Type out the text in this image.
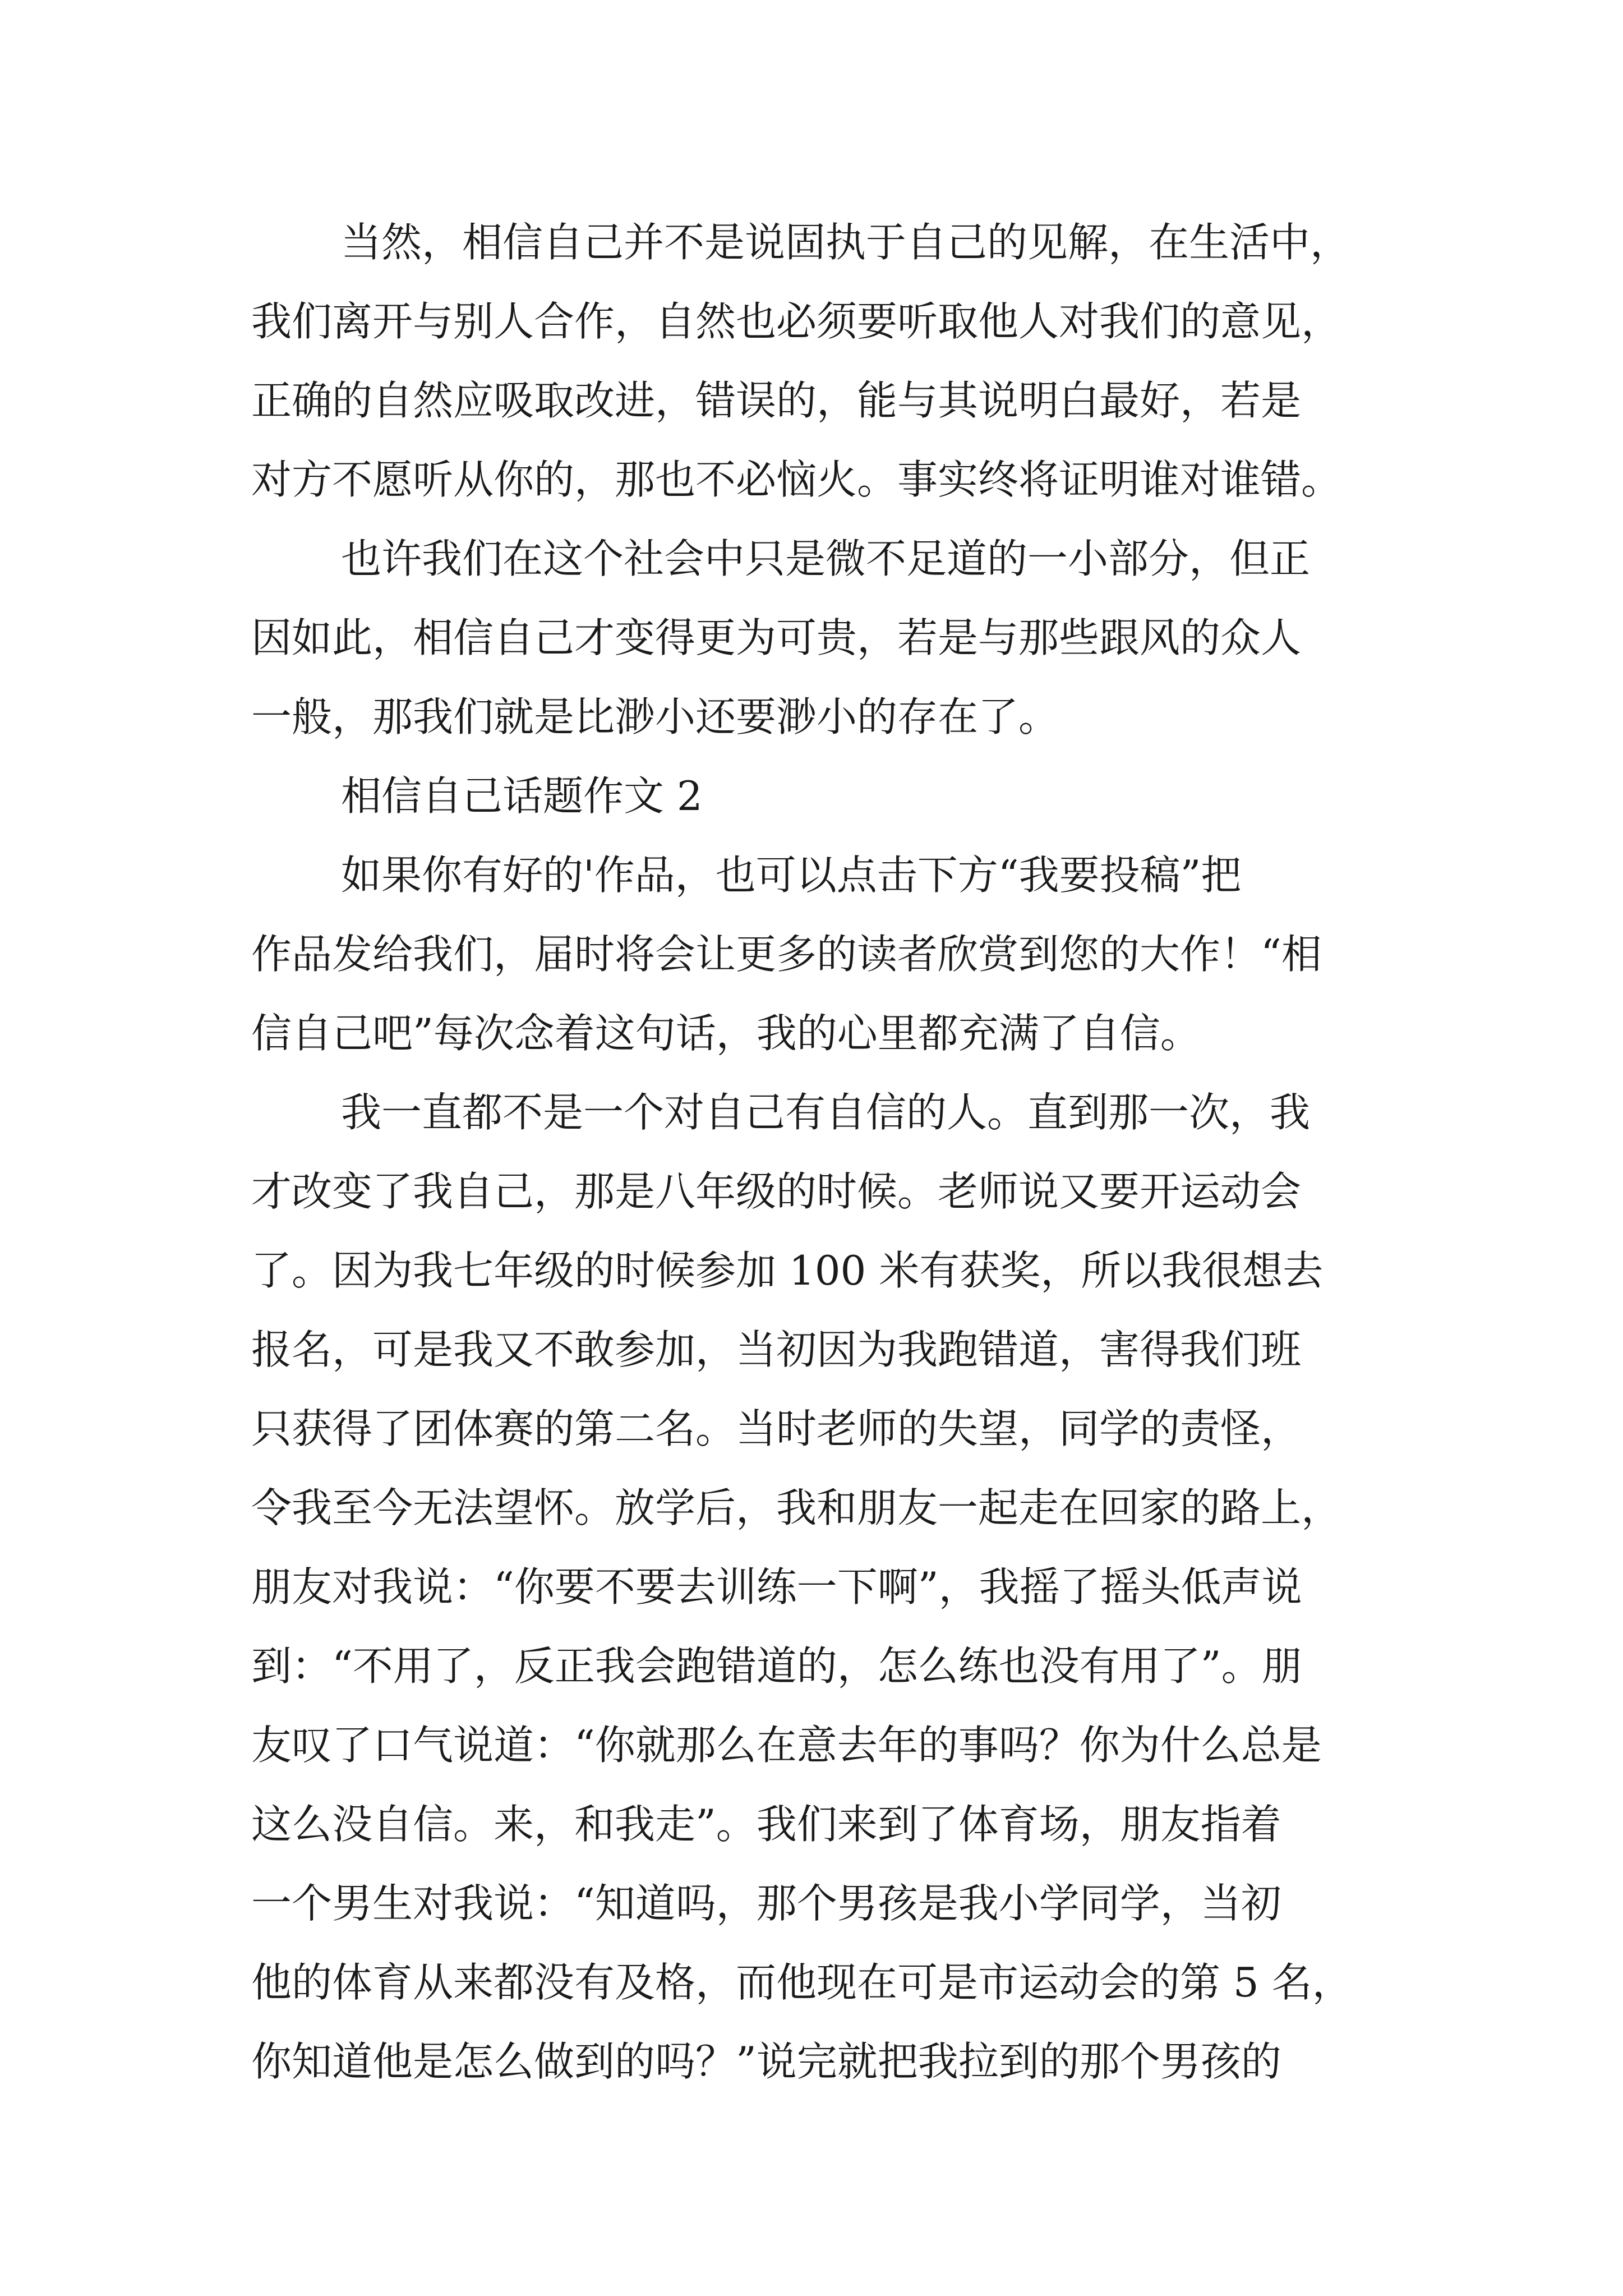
当然，相信自己并不是说固执于自己的见解，在生活中，
我们离开与别人合作，自然也必须要听取他人对我们的意见，
正确的自然应吸取改进，错误的，能与其说明白最好，若是
对方不愿听从你的，那也不必恼火。事实终将证明谁对谁错。
也许我们在这个社会中只是微不足道的一小部分，但正
因如此，相信自己才变得更为可贵，若是与那些跟风的众人
一般，那我们就是比渺小还要渺小的存在了。
相信自己话题作文 2
如果你有好的'作品，也可以点击下方“我要投稿”把
作品发给我们，届时将会让更多的读者欣赏到您的大作！“相
信自己吧”每次念着这句话，我的心里都充满了自信。
我一直都不是一个对自己有自信的人。直到那一次，我
才改变了我自己，那是八年级的时候。老师说又要开运动会
了。因为我七年级的时候参加 100 米有获奖，所以我很想去
报名，可是我又不敢参加，当初因为我跑错道，害得我们班
只获得了团体赛的第二名。当时老师的失望，同学的责怪，
令我至今无法望怀。放学后，我和朋友一起走在回家的路上，
朋友对我说：“你要不要去训练一下啊”，我摇了摇头低声说
到：“不用了，反正我会跑错道的，怎么练也没有用了”。朋
友叹了口气说道：“你就那么在意去年的事吗？你为什么总是
这么没自信。来，和我走”。我们来到了体育场，朋友指着
一个男生对我说：“知道吗，那个男孩是我小学同学，当初
他的体育从来都没有及格，而他现在可是市运动会的第 5 名，
你知道他是怎么做到的吗？”说完就把我拉到的那个男孩的
